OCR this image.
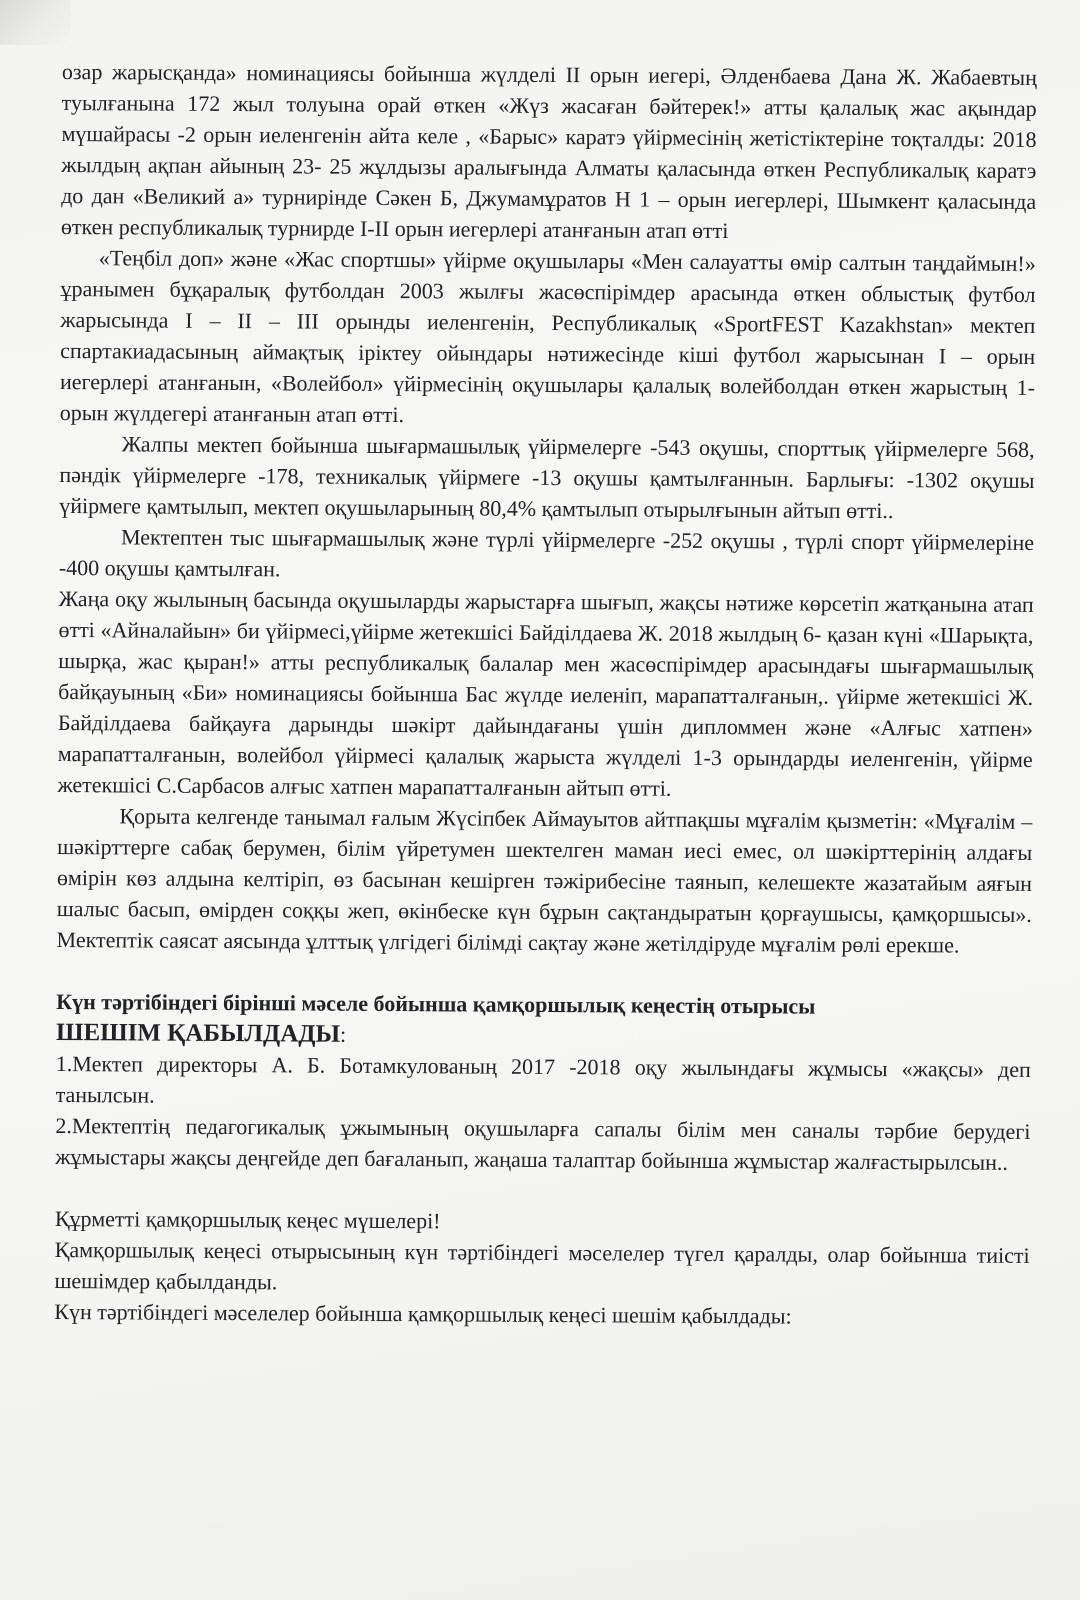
озар жарысқанда» номинациясы бойынша жүлделі II орын иегері, Әлденбаева Дана Ж. Жабаевтың туылғанына 172 жыл толуына орай өткен «Жүз жасаған бәйтерек!» атты қалалық жас ақындар мүшайрасы -2 орын иеленгенін айта келе , «Барыс» каратэ үйірмесінің жетістіктеріне тоқталды: 2018 жылдың ақпан айының 23- 25 жұлдызы аралығында Алматы қаласында өткен Республикалық каратэ до дан «Великий а» турнирінде Сәкен Б, Джумамұратов Н 1 – орын иегерлері, Шымкент қаласында өткен республикалық турнирде I-II орын иегерлері атанғанын атап өтті

«Теңбіл доп» және «Жас спортшы» үйірме оқушылары «Мен салауатты өмір салтын таңдаймын!» ұранымен бұқаралық футболдан 2003 жылғы жасөспірімдер арасында өткен облыстық футбол жарысында I – II – III орынды иеленгенін, Республикалық «SportFEST Kazakhstan» мектеп спартакиадасының аймақтық іріктеу ойындары нәтижесінде кіші футбол жарысынан I – орын иегерлері атанғанын, «Волейбол» үйірмесінің оқушылары қалалық волейболдан өткен жарыстың 1- орын жүлдегері атанғанын атап өтті.

Жалпы мектеп бойынша шығармашылық үйірмелерге -543 оқушы, спорттық үйірмелерге 568, пәндік үйірмелерге -178, техникалық үйірмеге -13 оқушы қамтылғаннын. Барлығы: -1302 оқушы үйірмеге қамтылып, мектеп оқушыларының 80,4% қамтылып отырылғынын айтып өтті..

Мектептен тыс шығармашылық және түрлі үйірмелерге -252 оқушы , түрлі спорт үйірмелеріне -400 оқушы қамтылған.

Жаңа оқу жылының басында оқушыларды жарыстарға шығып, жақсы нәтиже көрсетіп жатқанына атап өтті «Айналайын» би үйірмесі,үйірме жетекшісі Байділдаева Ж. 2018 жылдың 6- қазан күні «Шарықта, шырқа, жас қыран!» атты республикалық балалар мен жасөспірімдер арасындағы шығармашылық байқауының «Би» номинациясы бойынша Бас жүлде иеленіп, марапатталғанын,. үйірме жетекшісі Ж. Байділдаева байқауға дарынды шәкірт дайындағаны үшін дипломмен және «Алғыс хатпен» марапатталғанын, волейбол үйірмесі қалалық жарыста жүлделі 1-3 орындарды иеленгенін, үйірме жетекшісі С.Сарбасов алғыс хатпен марапатталғанын айтып өтті.

Қорыта келгенде танымал ғалым Жүсіпбек Аймауытов айтпақшы мұғалім қызметін: «Мұғалім – шәкірттерге сабақ берумен, білім үйретумен шектелген маман иесі емес, ол шәкірттерінің алдағы өмірін көз алдына келтіріп, өз басынан кешірген тәжірибесіне таянып, келешекте жазатайым аяғын шалыс басып, өмірден соққы жеп, өкінбеске күн бұрын сақтандыратын қорғаушысы, қамқоршысы». Мектептік саясат аясында ұлттық үлгідегі білімді сақтау және жетілдіруде мұғалім рөлі ерекше.

Күн тәртібіндегі бірінші мәселе бойынша қамқоршылық кеңестің отырысы

ШЕШІМ ҚАБЫЛДАДЫ:

1.Мектеп директоры А. Б. Ботамкулованың 2017 -2018 оқу жылындағы жұмысы «жақсы» деп танылсын.

2.Мектептің педагогикалық ұжымының оқушыларға сапалы білім мен саналы тәрбие берудегі жұмыстары жақсы деңгейде деп бағаланып, жаңаша талаптар бойынша жұмыстар жалғастырылсын..

Құрметті қамқоршылық кеңес мүшелері!

Қамқоршылық кеңесі отырысының күн тәртібіндегі мәселелер түгел қаралды, олар бойынша тиісті шешімдер қабылданды.

Күн тәртібіндегі мәселелер бойынша қамқоршылық кеңесі шешім қабылдады:
